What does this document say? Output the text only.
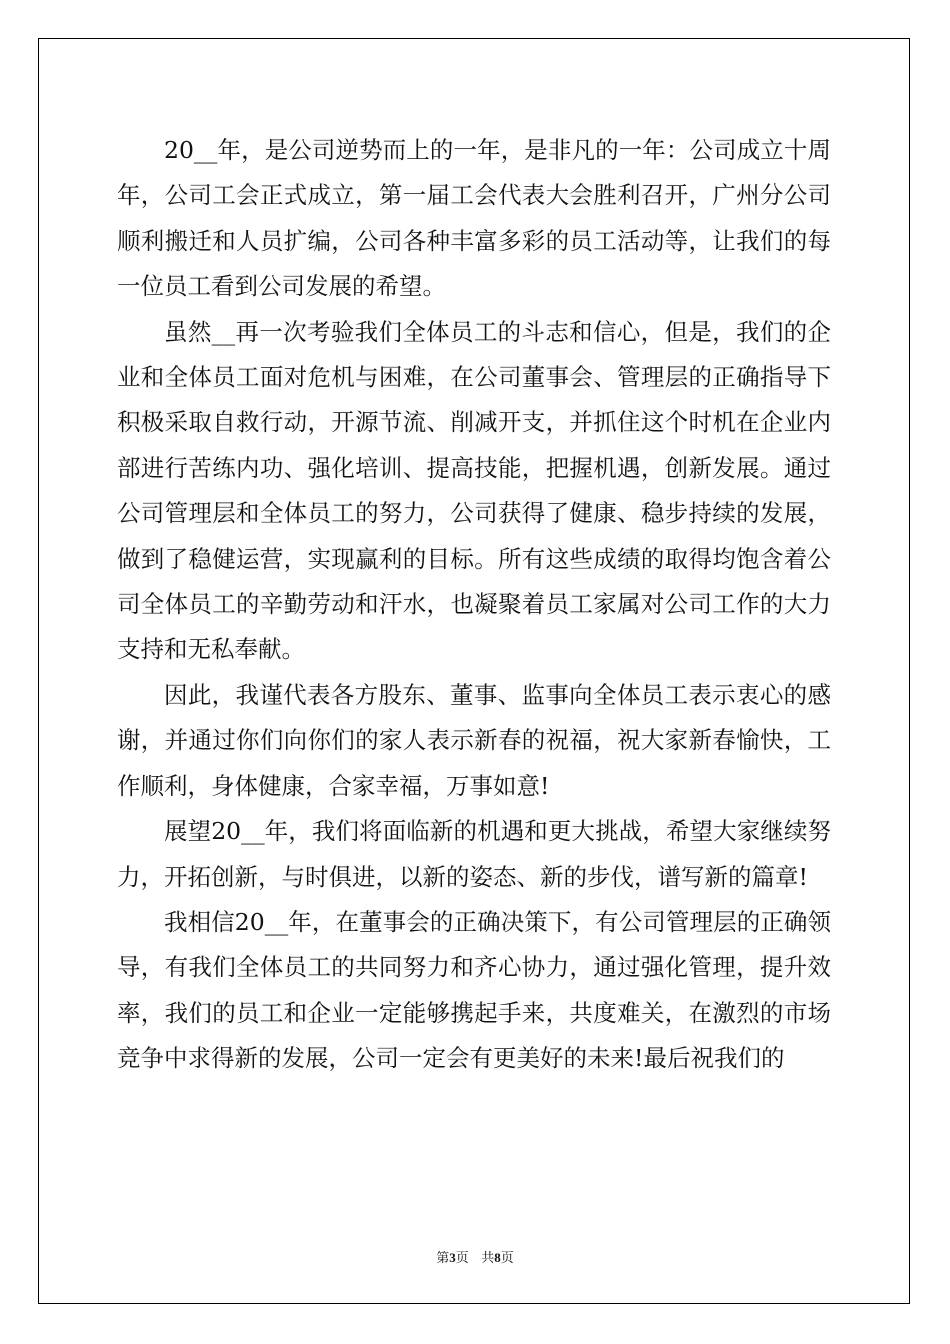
20__年，是公司逆势而上的一年，是非凡的一年：公司成立十周年，公司工会正式成立，第一届工会代表大会胜利召开，广州分公司顺利搬迁和人员扩编，公司各种丰富多彩的员工活动等，让我们的每一位员工看到公司发展的希望。

虽然__再一次考验我们全体员工的斗志和信心，但是，我们的企业和全体员工面对危机与困难，在公司董事会、管理层的正确指导下积极采取自救行动，开源节流、削减开支，并抓住这个时机在企业内部进行苦练内功、强化培训、提高技能，把握机遇，创新发展。通过公司管理层和全体员工的努力，公司获得了健康、稳步持续的发展，做到了稳健运营，实现赢利的目标。所有这些成绩的取得均饱含着公司全体员工的辛勤劳动和汗水，也凝聚着员工家属对公司工作的大力支持和无私奉献。

因此，我谨代表各方股东、董事、监事向全体员工表示衷心的感谢，并通过你们向你们的家人表示新春的祝福，祝大家新春愉快，工作顺利，身体健康，合家幸福，万事如意!

展望20__年，我们将面临新的机遇和更大挑战，希望大家继续努力，开拓创新，与时俱进，以新的姿态、新的步伐，谱写新的篇章!

我相信20__年，在董事会的正确决策下，有公司管理层的正确领导，有我们全体员工的共同努力和齐心协力，通过强化管理，提升效率，我们的员工和企业一定能够携起手来，共度难关，在激烈的市场竞争中求得新的发展，公司一定会有更美好的未来!最后祝我们的

第3页 共8页
